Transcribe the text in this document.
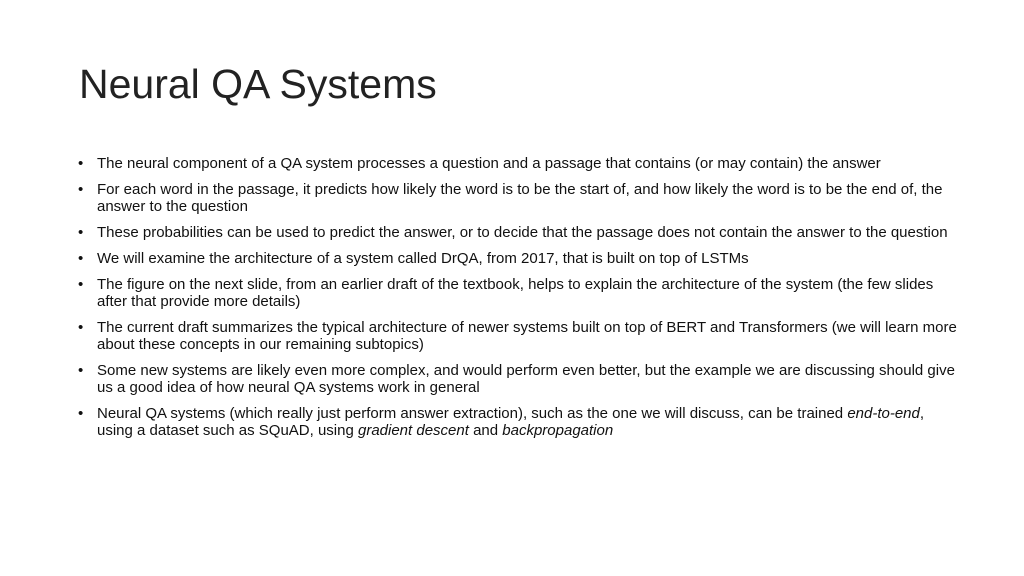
Neural QA Systems
• The neural component of a QA system processes a question and a passage that contains (or may contain) the answer
• For each word in the passage, it predicts how likely the word is to be the start of, and how likely the word is to be the end of, the answer to the question
• These probabilities can be used to predict the answer, or to decide that the passage does not contain the answer to the question
• We will examine the architecture of a system called DrQA, from 2017, that is built on top of LSTMs
• The figure on the next slide, from an earlier draft of the textbook, helps to explain the architecture of the system (the few slides after that provide more details)
• The current draft summarizes the typical architecture of newer systems built on top of BERT and Transformers (we will learn more about these concepts in our remaining subtopics)
• Some new systems are likely even more complex, and would perform even better, but the example we are discussing should give us a good idea of how neural QA systems work in general
• Neural QA systems (which really just perform answer extraction), such as the one we will discuss, can be trained end-to-end, using a dataset such as SQuAD, using gradient descent and backpropagation
